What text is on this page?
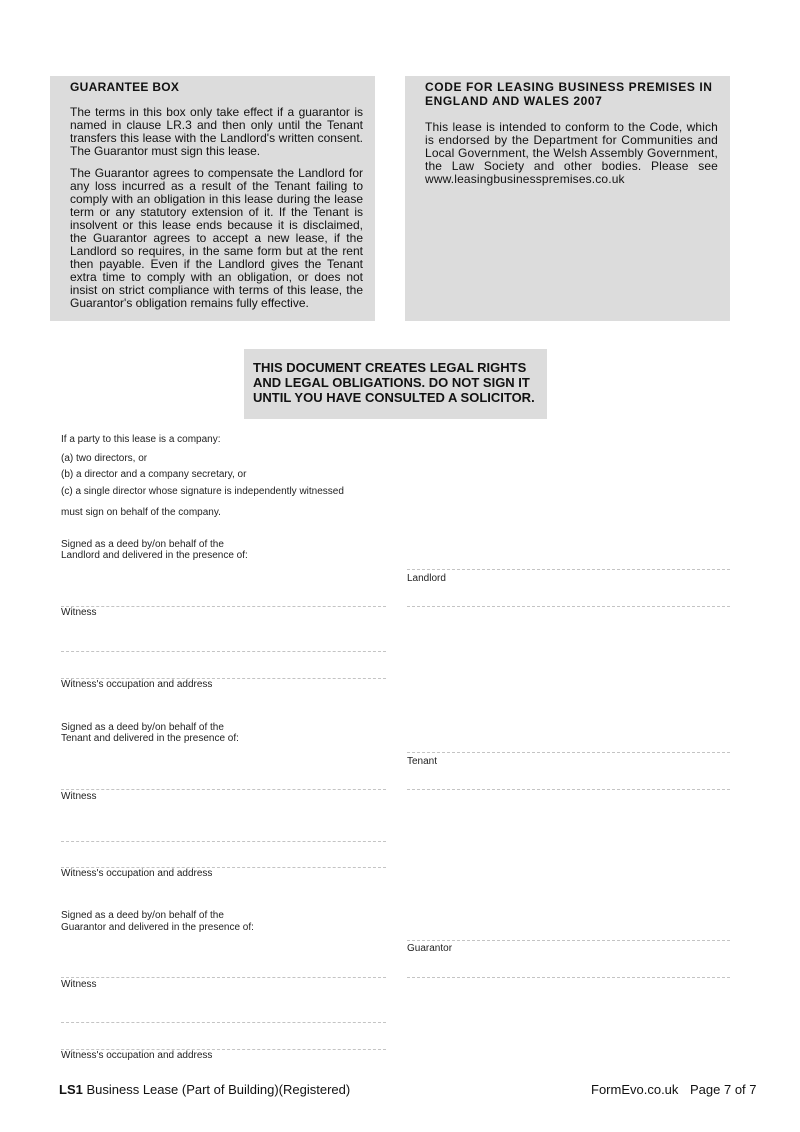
GUARANTEE BOX

The terms in this box only take effect if a guarantor is named in clause LR.3 and then only until the Tenant transfers this lease with the Landlord's written consent. The Guarantor must sign this lease.

The Guarantor agrees to compensate the Landlord for any loss incurred as a result of the Tenant failing to comply with an obligation in this lease during the lease term or any statutory extension of it. If the Tenant is insolvent or this lease ends because it is disclaimed, the Guarantor agrees to accept a new lease, if the Landlord so requires, in the same form but at the rent then payable. Even if the Landlord gives the Tenant extra time to comply with an obligation, or does not insist on strict compliance with terms of this lease, the Guarantor's obligation remains fully effective.

CODE FOR LEASING BUSINESS PREMISES IN ENGLAND AND WALES 2007

This lease is intended to conform to the Code, which is endorsed by the Department for Communities and Local Government, the Welsh Assembly Government, the Law Society and other bodies. Please see www.leasingbusinesspremises.co.uk

THIS DOCUMENT CREATES LEGAL RIGHTS AND LEGAL OBLIGATIONS. DO NOT SIGN IT UNTIL YOU HAVE CONSULTED A SOLICITOR.
If a party to this lease is a company:
(a) two directors, or
(b) a director and a company secretary, or
(c) a single director whose signature is independently witnessed
must sign on behalf of the company.
Signed as a deed by/on behalf of the
Landlord and delivered in the presence of:
Landlord
Witness
Witness's occupation and address
Signed as a deed by/on behalf of the
Tenant and delivered in the presence of:
Tenant
Witness
Witness's occupation and address
Signed as a deed by/on behalf of the
Guarantor and delivered in the presence of:
Guarantor
Witness
Witness's occupation and address
LS1 Business Lease (Part of Building)(Registered)	FormEvo.co.uk Page 7 of 7
